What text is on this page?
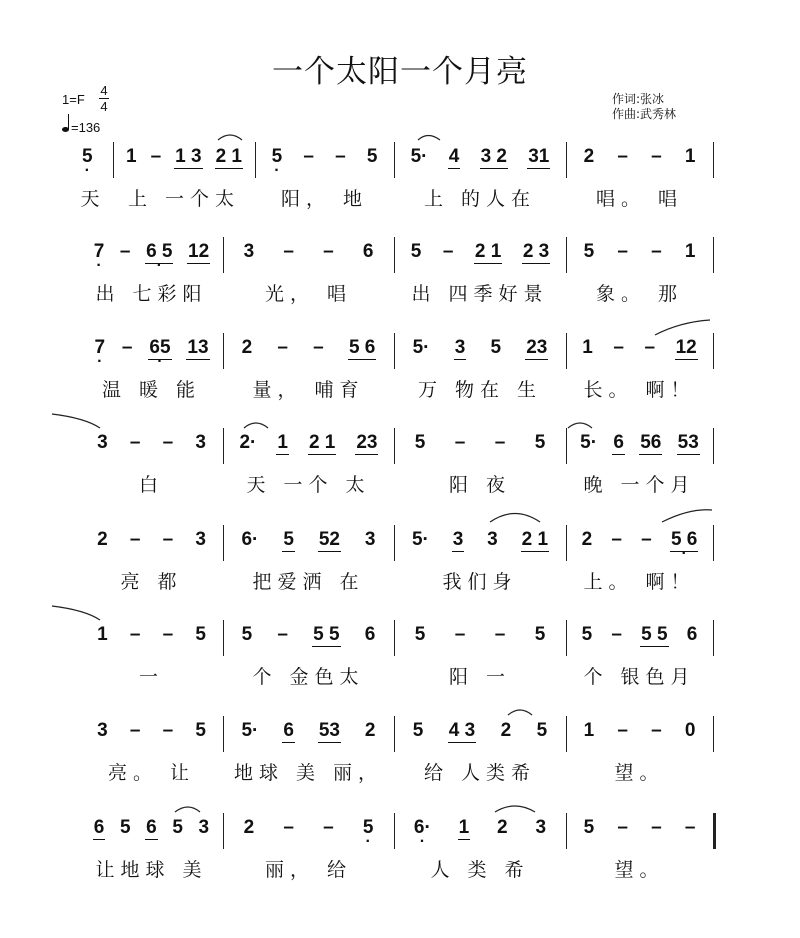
一个太阳一个月亮
1=F
4
4
=136
作词:张冰
作曲:武秀林
5 · 1 – 1 3 2 1
上 一个太
5 · – – 5
阳， 地
5· 4 3 2 31
上 的人在
2 – – 1
唱。 唱
天
7 · – 6 5 · 12
出 七彩阳
3 – – 6
光， 唱
5 – 2 1 2 3
出 四季好景
5 – – 1
象。 那
7 · – 65 · 13
温 暖 能
2 – – 5 6
量， 哺育
5· 3 5 23
万 物在 生
1 – – 12
长。 啊！
3 – – 3
白
2· 1 2 1 23
天 一个 太
5 – – 5
阳 夜
5· 6 56 53
晚 一个月
2 – – 3
亮 都
6· 5 52 3
把爱洒 在
5· 3 3 2 1
我们身
2 – – 5 6 ·
上。 啊！
1 – – 5
一
5 – 5 5 6
个 金色太
5 – – 5
阳 一
5 – 5 5 6
个 银色月
3 – – 5
亮。 让
5· 6 53 2
地球 美 丽，
5 4 3 2 5
给 人类希
1 – – 0
望。
6 5 6 5 3
让地球 美
2 – – 5 ·
丽， 给
6· · 1 2 3
人 类 希
5 – – –
望。
